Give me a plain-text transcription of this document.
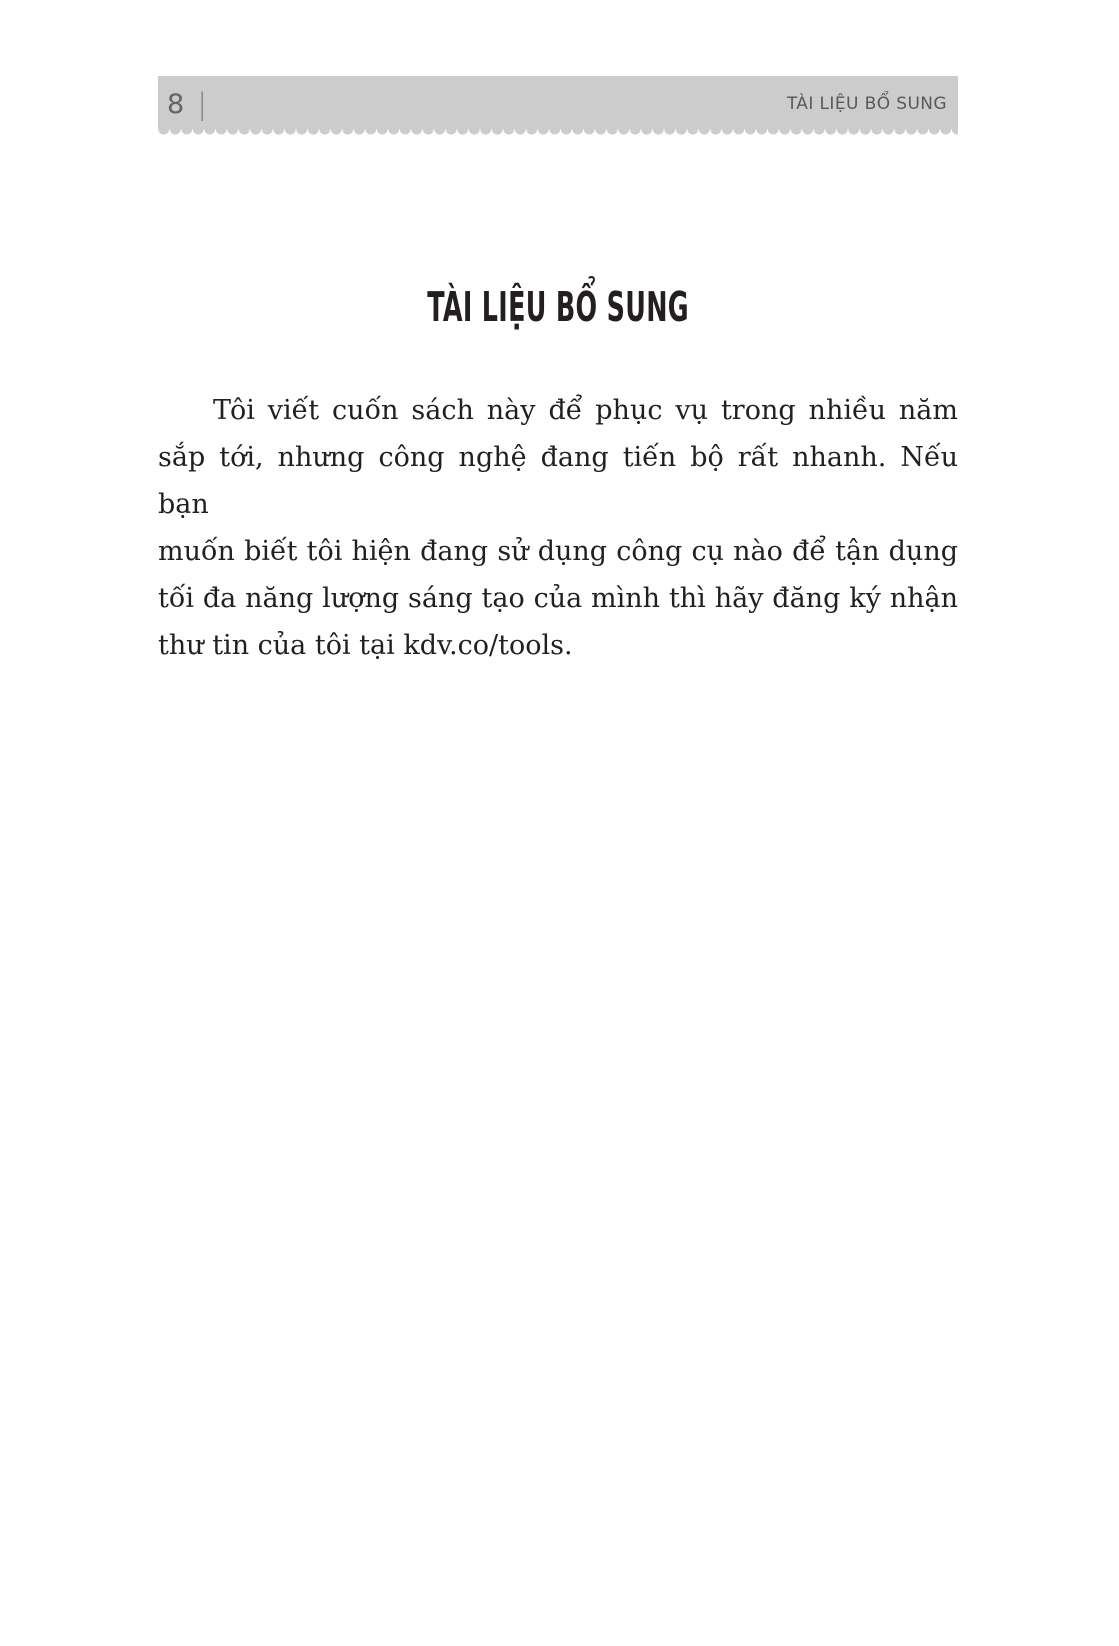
8 |	TÀI LIỆU BỔ SUNG
TÀI LIỆU BỔ SUNG
Tôi viết cuốn sách này để phục vụ trong nhiều năm
sắp tới, nhưng công nghệ đang tiến bộ rất nhanh. Nếu bạn
muốn biết tôi hiện đang sử dụng công cụ nào để tận dụng
tối đa năng lượng sáng tạo của mình thì hãy đăng ký nhận
thư tin của tôi tại kdv.co/tools.
